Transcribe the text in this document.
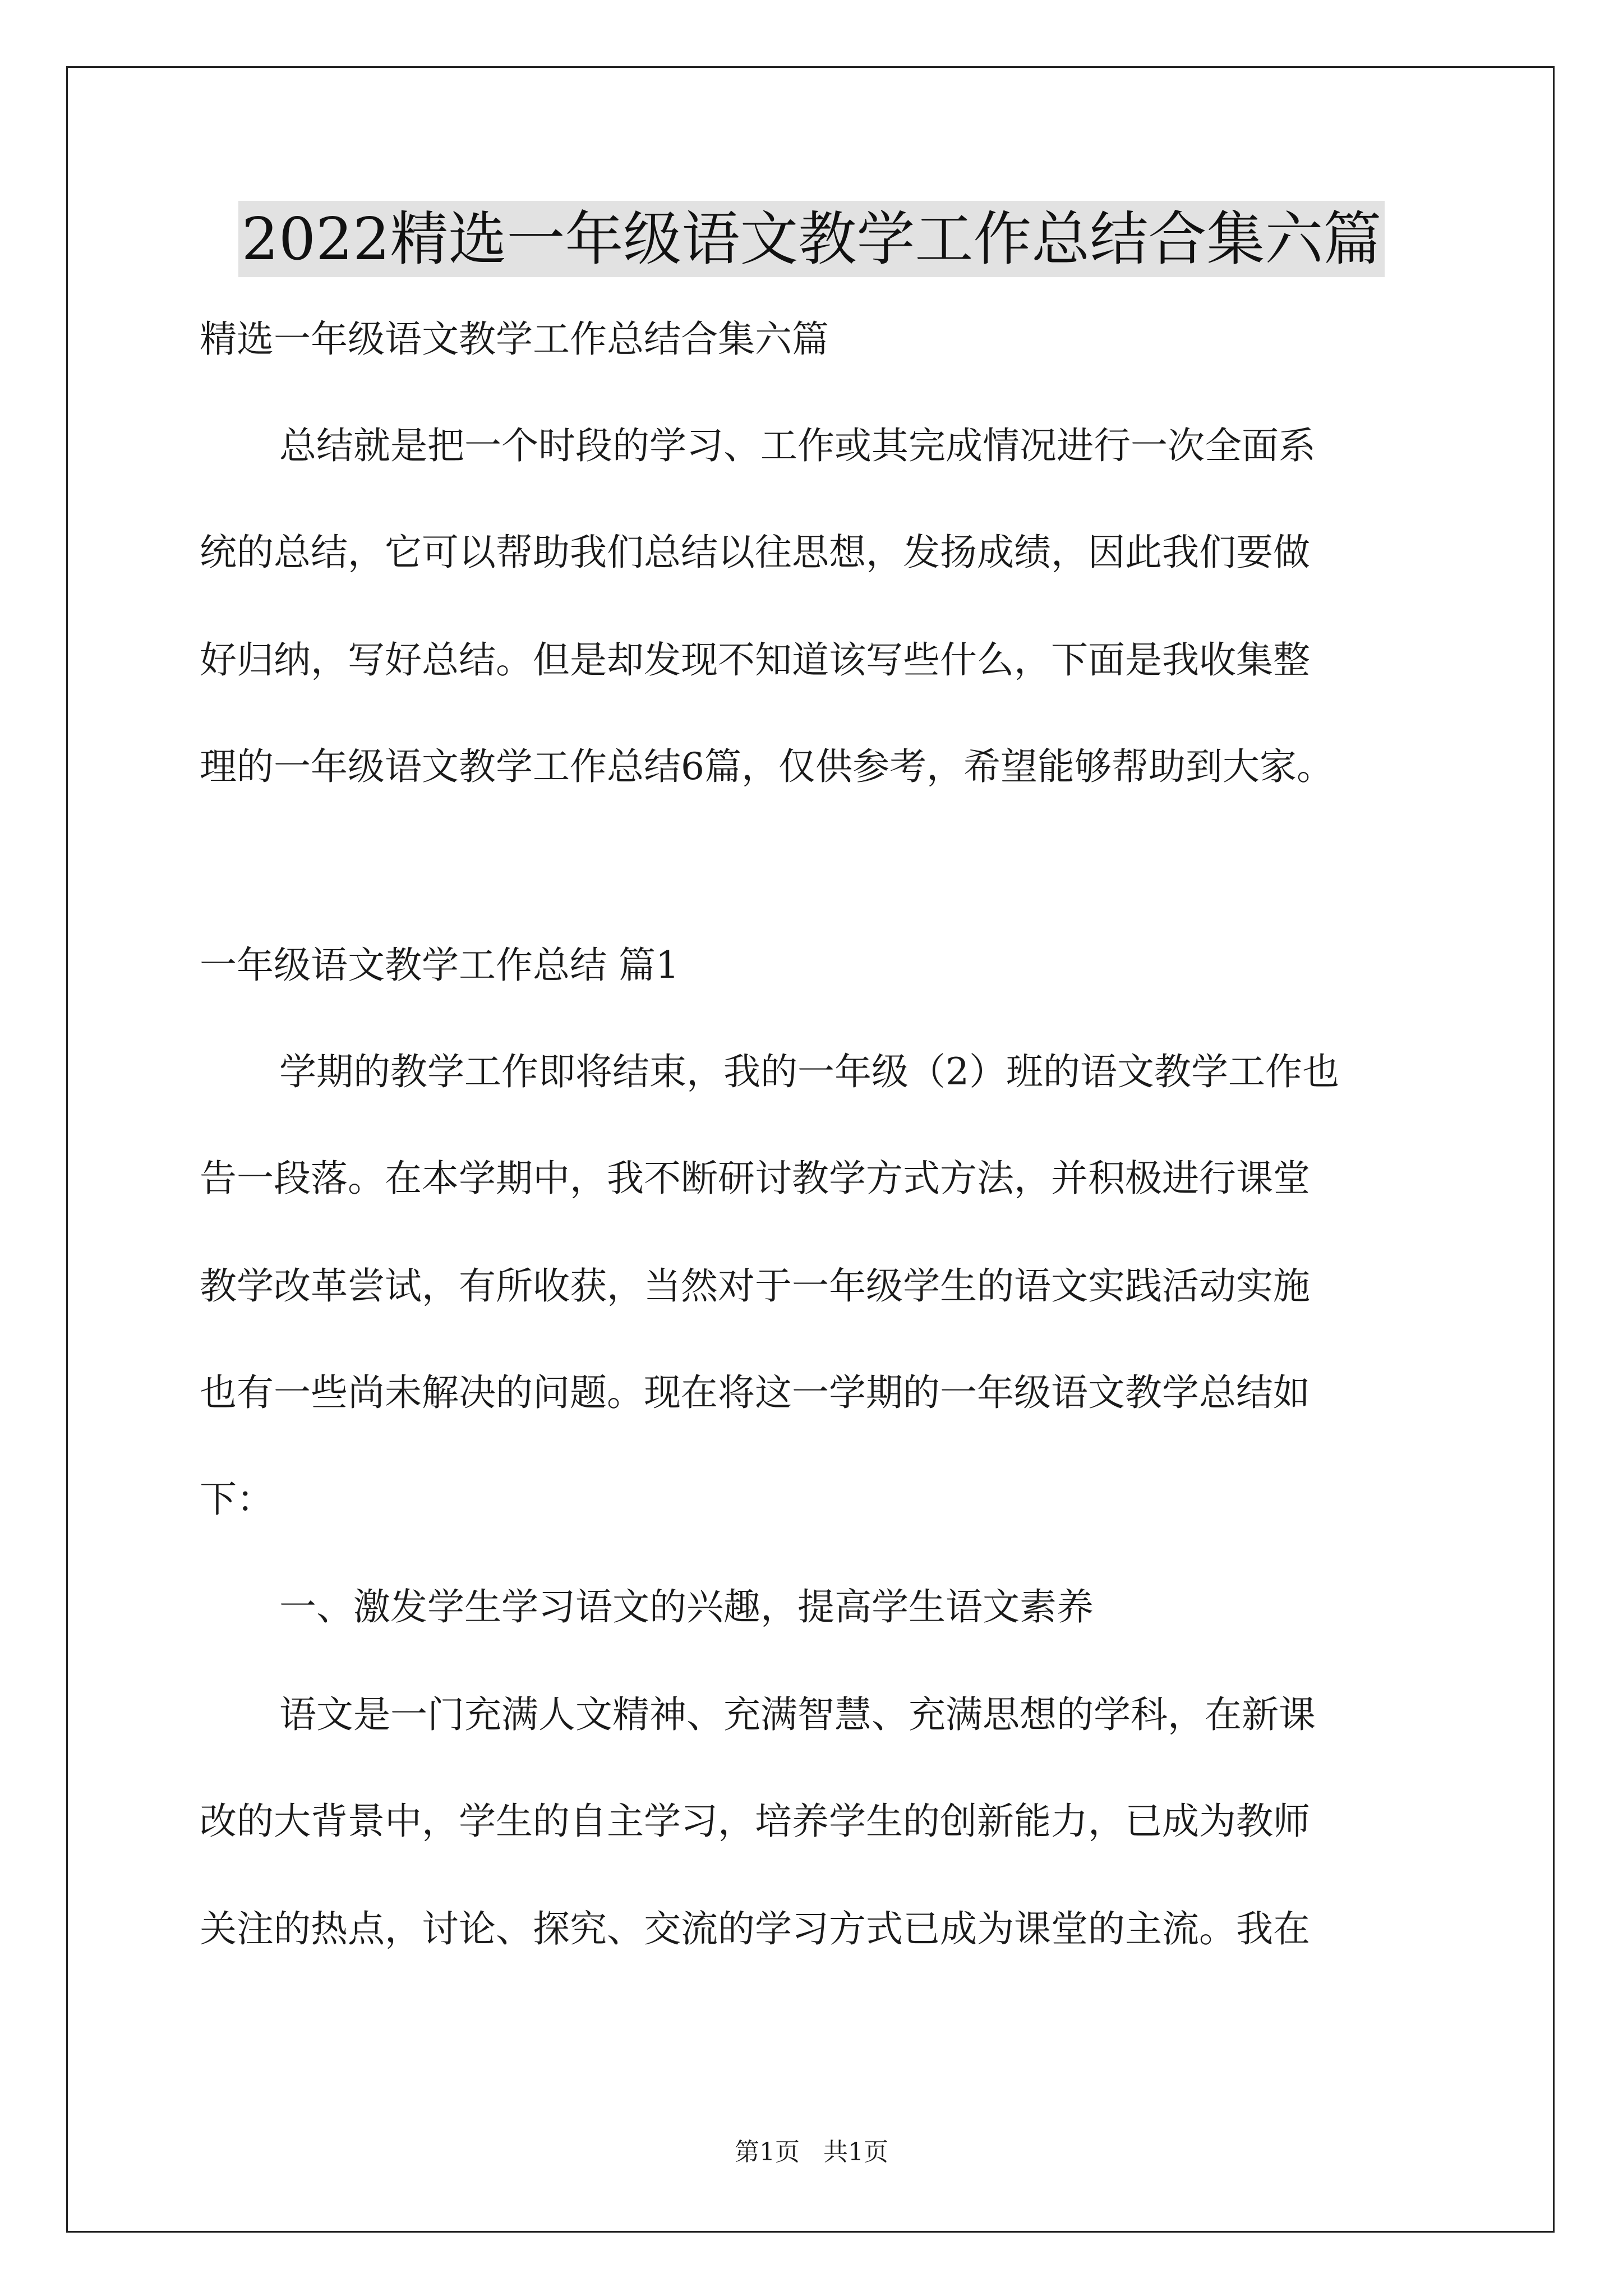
2022精选一年级语文教学工作总结合集六篇
精选一年级语文教学工作总结合集六篇
总结就是把一个时段的学习、工作或其完成情况进行一次全面系
统的总结，它可以帮助我们总结以往思想，发扬成绩，因此我们要做
好归纳，写好总结。但是却发现不知道该写些什么，下面是我收集整
理的一年级语文教学工作总结6篇，仅供参考，希望能够帮助到大家。
一年级语文教学工作总结 篇1
学期的教学工作即将结束，我的一年级（2）班的语文教学工作也
告一段落。在本学期中，我不断研讨教学方式方法，并积极进行课堂
教学改革尝试，有所收获，当然对于一年级学生的语文实践活动实施
也有一些尚未解决的问题。现在将这一学期的一年级语文教学总结如
下：
一、激发学生学习语文的兴趣，提高学生语文素养
语文是一门充满人文精神、充满智慧、充满思想的学科，在新课
改的大背景中，学生的自主学习，培养学生的创新能力，已成为教师
关注的热点，讨论、探究、交流的学习方式已成为课堂的主流。我在
第1页 共1页
